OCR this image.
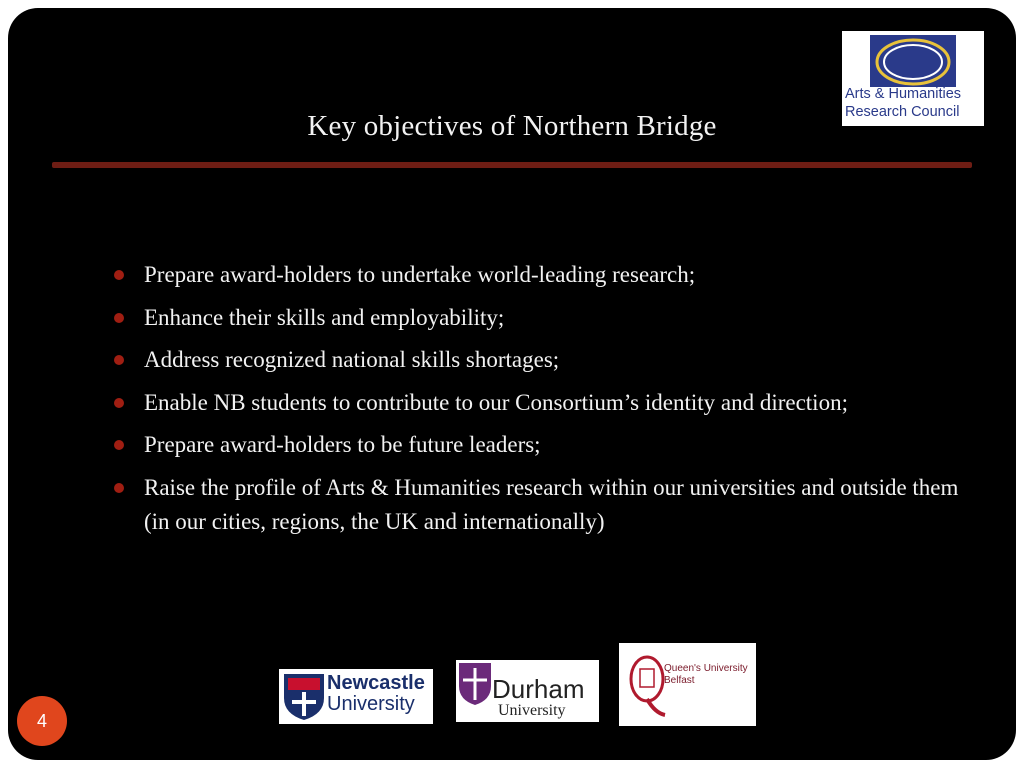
Arts & Humanities
Research Council
Key objectives of Northern Bridge
Prepare award-holders to undertake world-leading research;
Enhance their skills and employability;
Address recognized national skills shortages;
Enable NB students to contribute to our Consortium’s identity and direction;
Prepare award-holders to be future leaders;
Raise the profile of Arts & Humanities research within our universities and outside them (in our cities, regions, the UK and internationally)
Newcastle
University	Durham
University
Queen's University
Belfast
4
